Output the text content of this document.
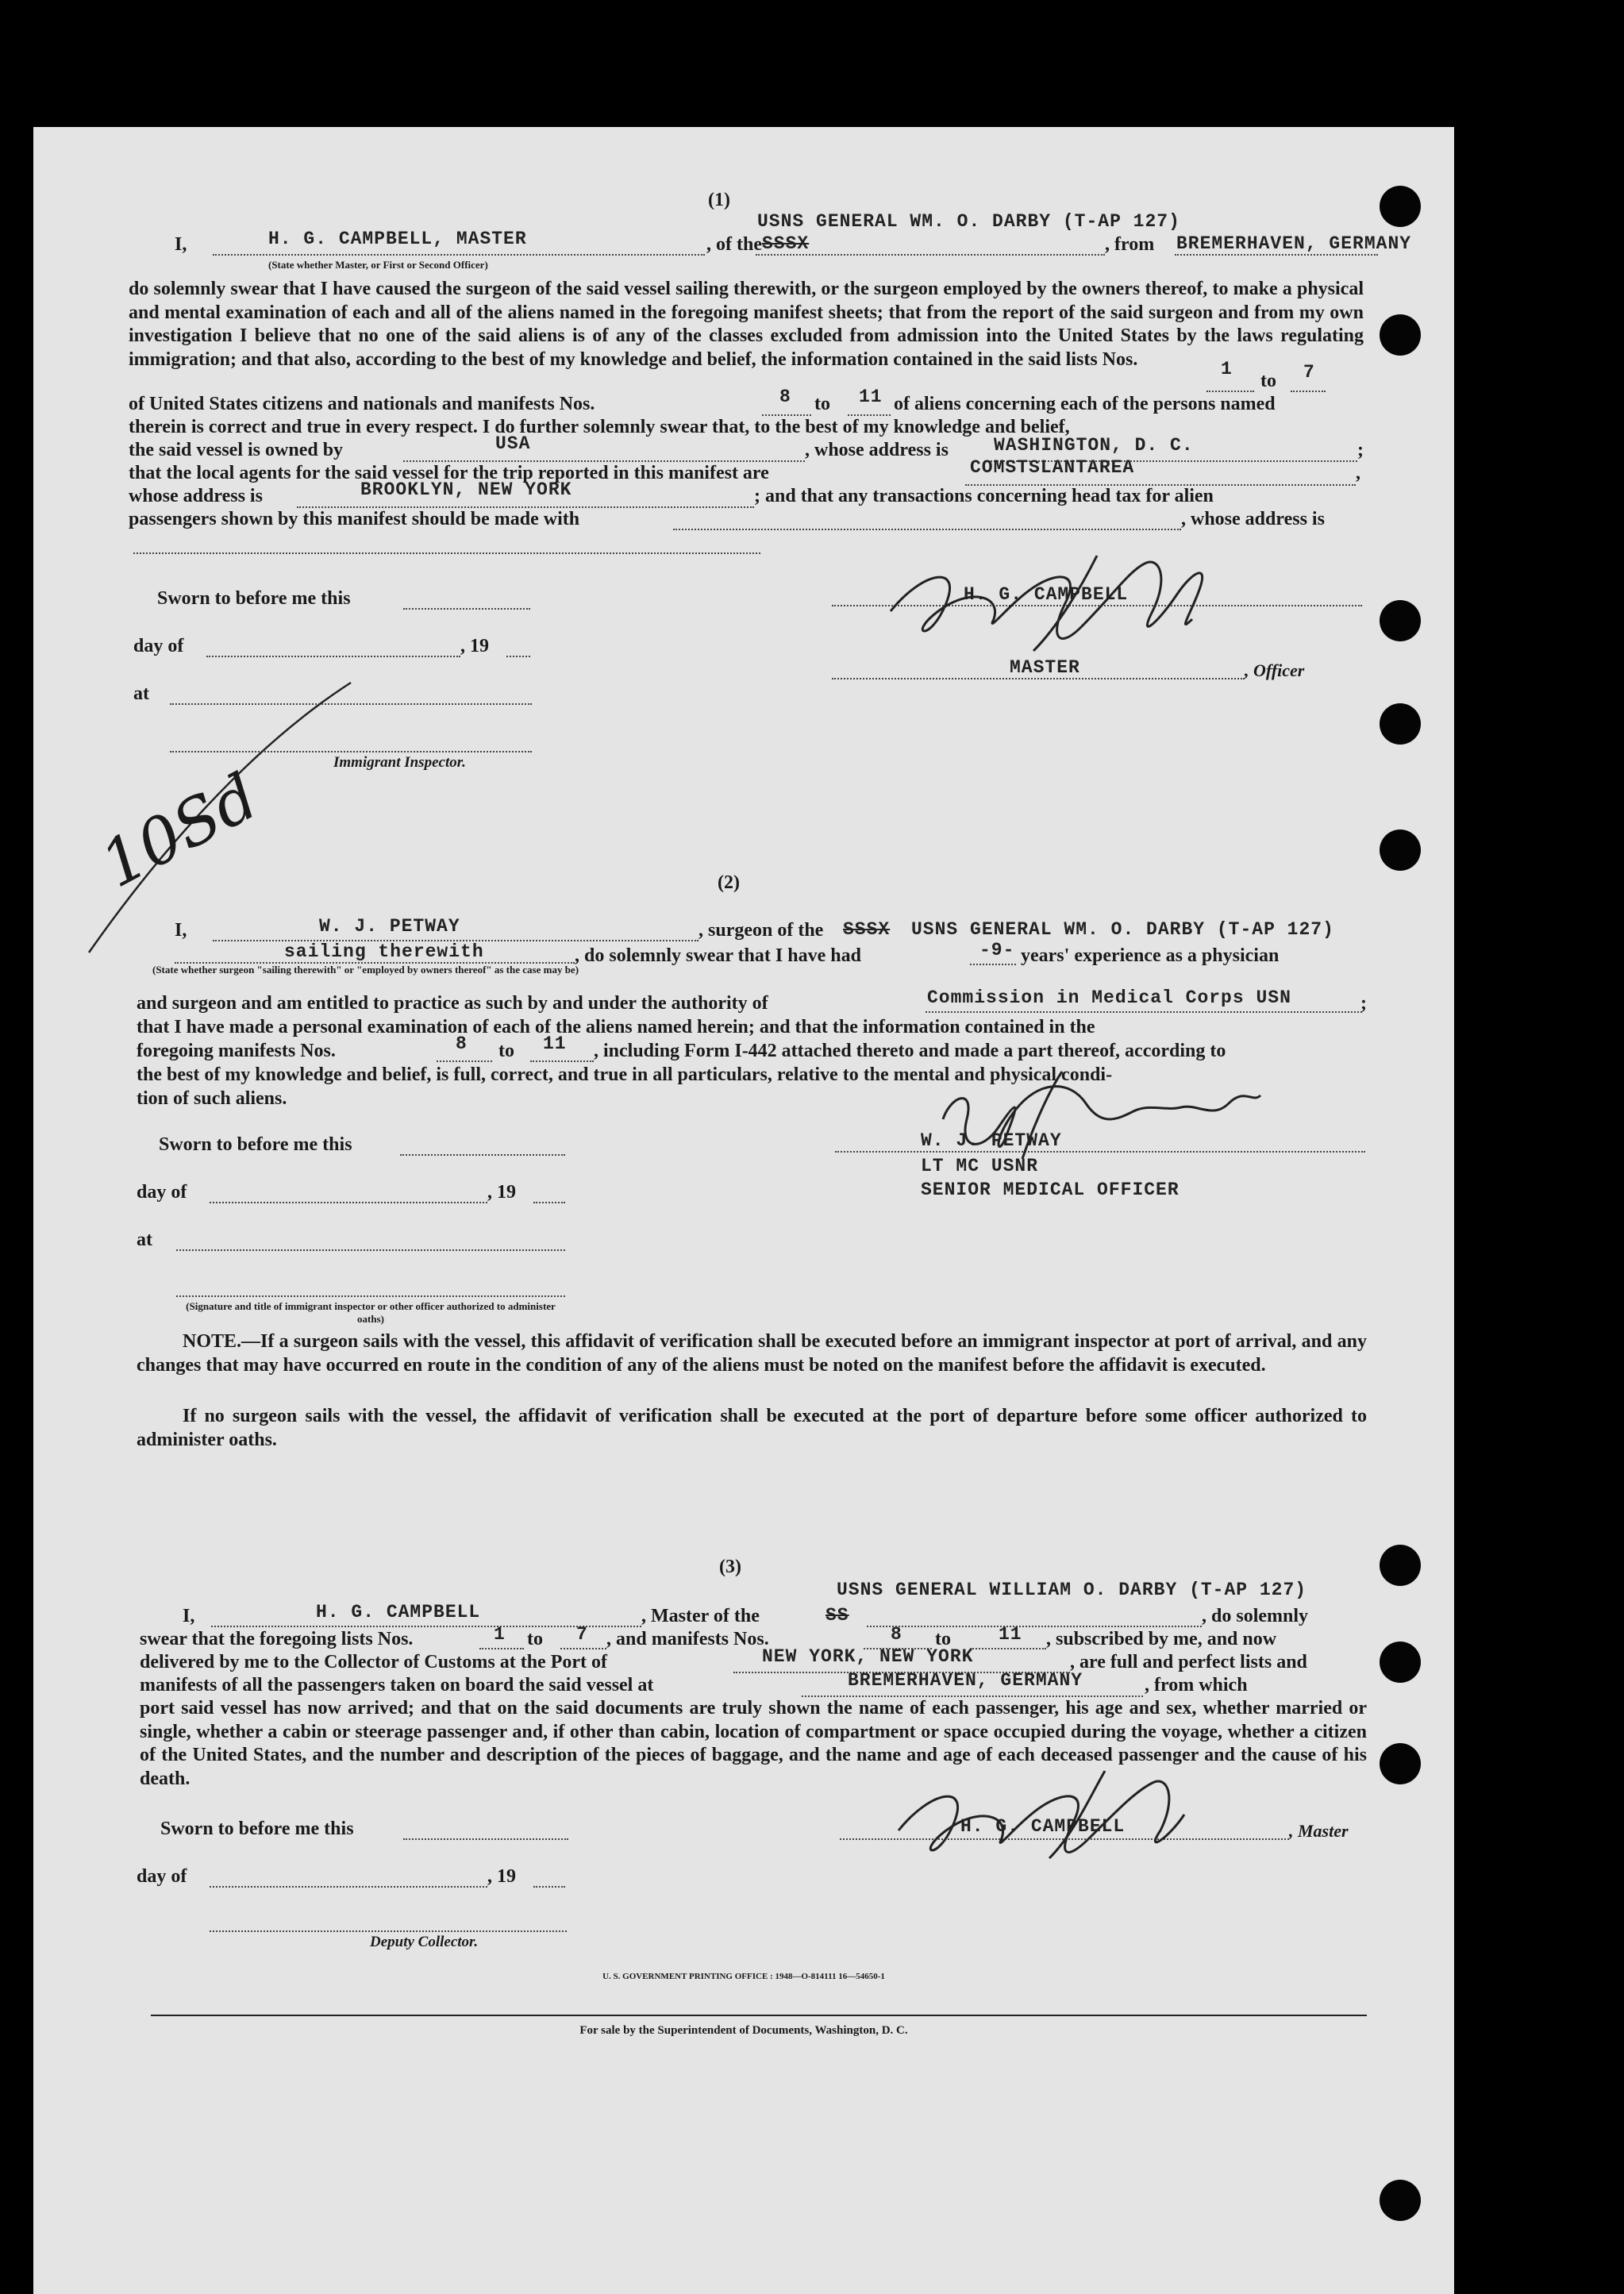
(1)
USNS GENERAL WM. O. DARBY (T-AP 127)
I,	H. G. CAMPBELL, MASTER	, of the SSSX	, from BREMERHAVEN, GERMANY
(State whether Master, or First or Second Officer)
do solemnly swear that I have caused the surgeon of the said vessel sailing therewith, or the surgeon employed by the owners thereof, to make a physical and mental examination of each and all of the aliens named in the foregoing manifest sheets; that from the report of the said surgeon and from my own investigation I believe that no one of the said aliens is of any of the classes excluded from admission into the United States by the laws regulating immigration; and that also, according to the best of my knowledge and belief, the information contained in the said lists Nos.	1
to 7
of United States citizens and nationals and manifests Nos.	8 to 11 of aliens concerning each of the persons named
therein is correct and true in every respect. I do further solemnly swear that, to the best of my knowledge and belief,
the said vessel is owned by	USA	, whose address is WASHINGTON, D. C.	;
that the local agents for the said vessel for the trip reported in this manifest are	COMSTSLANTAREA	,
whose address is	BROOKLYN, NEW YORK	; and that any transactions concerning head tax for alien
passengers shown by this manifest should be made with	, whose address is
Sworn to before me this
day of	, 19
at
Immigrant Inspector.
H. G. CAMPBELL
MASTER	, Officer
10Sd	(2)
I,	W. J. PETWAY	, surgeon of the SSSX USNS GENERAL WM. O. DARBY (T-AP 127)
sailing therewith
(State whether surgeon "sailing therewith" or "employed by owners thereof" as the case may be)
, do solemnly swear that I have had	-9- years' experience as a physician
and surgeon and am entitled to practice as such by and under the authority of	Commission in Medical Corps USN	;
that I have made a personal examination of each of the aliens named herein; and that the information contained in the
foregoing manifests Nos.	8 to 11 , including Form I-442 attached thereto and made a part thereof, according to
the best of my knowledge and belief, is full, correct, and true in all particulars, relative to the mental and physical condi-
tion of such aliens.
Sworn to before me this
day of	, 19
at
(Signature and title of immigrant inspector or other officer authorized to administer oaths)
W. J. PETWAY
LT MC USNR
SENIOR MEDICAL OFFICER
NOTE.—If a surgeon sails with the vessel, this affidavit of verification shall be executed before an immigrant inspector at port of arrival, and any changes that may have occurred en route in the condition of any of the aliens must be noted on the manifest before the affidavit is executed.
If no surgeon sails with the vessel, the affidavit of verification shall be executed at the port of departure before some officer authorized to administer oaths.
(3)
USNS GENERAL WILLIAM O. DARBY (T-AP 127)
I,	H. G. CAMPBELL	, Master of the	SS	, do solemnly
swear that the foregoing lists Nos.	1 to 7 , and manifests Nos.	8 to	11 , subscribed by me, and now
delivered by me to the Collector of Customs at the Port of	NEW YORK, NEW YORK	, are full and perfect lists and
manifests of all the passengers taken on board the said vessel at	BREMERHAVEN, GERMANY	, from which
port said vessel has now arrived; and that on the said documents are truly shown the name of each passenger, his age and sex, whether married or single, whether a cabin or steerage passenger and, if other than cabin, location of compartment or space occupied during the voyage, whether a citizen of the United States, and the number and description of the pieces of baggage, and the name and age of each deceased passenger and the cause of his death.
Sworn to before me this
day of	, 19
Deputy Collector.
H. G. CAMPBELL	, Master
U. S. GOVERNMENT PRINTING OFFICE : 1948—O-814111 16—54650-1
For sale by the Superintendent of Documents, Washington, D. C.
